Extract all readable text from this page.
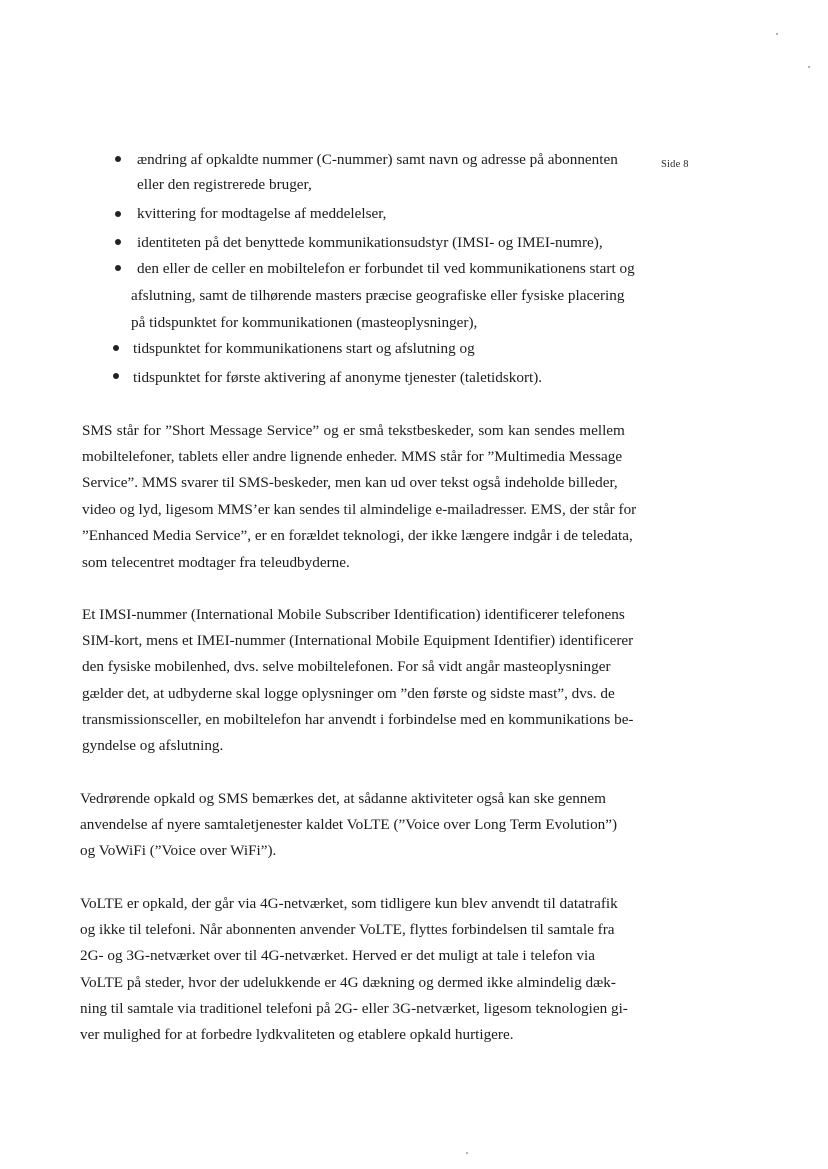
Side 8
ændring af opkaldte nummer (C-nummer) samt navn og adresse på abonnenten
eller den registrerede bruger,
kvittering for modtagelse af meddelelser,
identiteten på det benyttede kommunikationsudstyr (IMSI- og IMEI-numre),
den eller de celler en mobiltelefon er forbundet til ved kommunikationens start og
afslutning, samt de tilhørende masters præcise geografiske eller fysiske placering
på tidspunktet for kommunikationen (masteoplysninger),
tidspunktet for kommunikationens start og afslutning og
tidspunktet for første aktivering af anonyme tjenester (taletidskort).
SMS står for ”Short Message Service” og er små tekstbeskeder, som kan sendes mellem
mobiltelefoner, tablets eller andre lignende enheder. MMS står for ”Multimedia Message
Service”. MMS svarer til SMS-beskeder, men kan ud over tekst også indeholde billeder,
video og lyd, ligesom MMS’er kan sendes til almindelige e-mailadresser. EMS, der står for
”Enhanced Media Service”, er en forældet teknologi, der ikke længere indgår i de teledata,
som telecentret modtager fra teleudbyderne.
Et IMSI-nummer (International Mobile Subscriber Identification) identificerer telefonens
SIM-kort, mens et IMEI-nummer (International Mobile Equipment Identifier) identificerer
den fysiske mobilenhed, dvs. selve mobiltelefonen. For så vidt angår masteoplysninger
gælder det, at udbyderne skal logge oplysninger om ”den første og sidste mast”, dvs. de
transmissionsceller, en mobiltelefon har anvendt i forbindelse med en kommunikations be-
gyndelse og afslutning.
Vedrørende opkald og SMS bemærkes det, at sådanne aktiviteter også kan ske gennem
anvendelse af nyere samtaletjenester kaldet VoLTE (”Voice over Long Term Evolution”)
og VoWiFi (”Voice over WiFi”).
VoLTE er opkald, der går via 4G-netværket, som tidligere kun blev anvendt til datatrafik
og ikke til telefoni. Når abonnenten anvender VoLTE, flyttes forbindelsen til samtale fra
2G- og 3G-netværket over til 4G-netværket. Herved er det muligt at tale i telefon via
VoLTE på steder, hvor der udelukkende er 4G dækning og dermed ikke almindelig dæk-
ning til samtale via traditionel telefoni på 2G- eller 3G-netværket, ligesom teknologien gi-
ver mulighed for at forbedre lydkvaliteten og etablere opkald hurtigere.
